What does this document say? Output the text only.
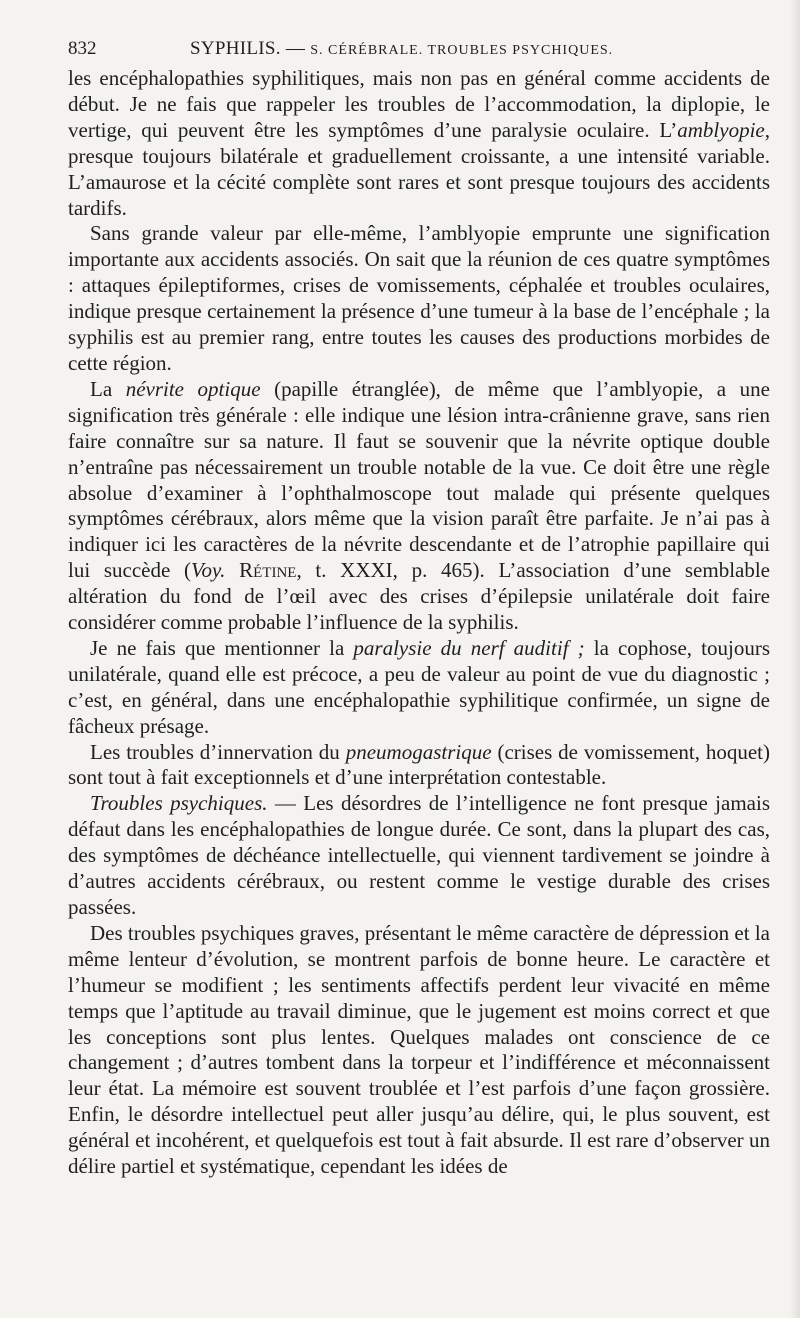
832	SYPHILIS. — S. CÉRÉBRALE. TROUBLES PSYCHIQUES.

les encéphalopathies syphilitiques, mais non pas en général comme accidents de début. Je ne fais que rappeler les troubles de l’accommodation, la diplopie, le vertige, qui peuvent être les symptômes d’une paralysie oculaire. L’amblyopie, presque toujours bilatérale et graduellement croissante, a une intensité variable. L’amaurose et la cécité complète sont rares et sont presque toujours des accidents tardifs.

Sans grande valeur par elle-même, l’amblyopie emprunte une signification importante aux accidents associés. On sait que la réunion de ces quatre symptômes : attaques épileptiformes, crises de vomissements, céphalée et troubles oculaires, indique presque certainement la présence d’une tumeur à la base de l’encéphale ; la syphilis est au premier rang, entre toutes les causes des productions morbides de cette région.

La névrite optique (papille étranglée), de même que l’amblyopie, a une signification très générale : elle indique une lésion intra-crânienne grave, sans rien faire connaître sur sa nature. Il faut se souvenir que la névrite optique double n’entraîne pas nécessairement un trouble notable de la vue. Ce doit être une règle absolue d’examiner à l’ophthalmoscope tout malade qui présente quelques symptômes cérébraux, alors même que la vision paraît être parfaite. Je n’ai pas à indiquer ici les caractères de la névrite descendante et de l’atrophie papillaire qui lui succède (Voy. Rétine, t. XXXI, p. 465). L’association d’une semblable altération du fond de l’œil avec des crises d’épilepsie unilatérale doit faire considérer comme probable l’influence de la syphilis.

Je ne fais que mentionner la paralysie du nerf auditif ; la cophose, toujours unilatérale, quand elle est précoce, a peu de valeur au point de vue du diagnostic ; c’est, en général, dans une encéphalopathie syphilitique confirmée, un signe de fâcheux présage.

Les troubles d’innervation du pneumogastrique (crises de vomissement, hoquet) sont tout à fait exceptionnels et d’une interprétation contestable.

Troubles psychiques. — Les désordres de l’intelligence ne font presque jamais défaut dans les encéphalopathies de longue durée. Ce sont, dans la plupart des cas, des symptômes de déchéance intellectuelle, qui viennent tardivement se joindre à d’autres accidents cérébraux, ou restent comme le vestige durable des crises passées.

Des troubles psychiques graves, présentant le même caractère de dépression et la même lenteur d’évolution, se montrent parfois de bonne heure. Le caractère et l’humeur se modifient ; les sentiments affectifs perdent leur vivacité en même temps que l’aptitude au travail diminue, que le jugement est moins correct et que les conceptions sont plus lentes. Quelques malades ont conscience de ce changement ; d’autres tombent dans la torpeur et l’indifférence et méconnaissent leur état. La mémoire est souvent troublée et l’est parfois d’une façon grossière. Enfin, le désordre intellectuel peut aller jusqu’au délire, qui, le plus souvent, est général et incohérent, et quelquefois est tout à fait absurde. Il est rare d’observer un délire partiel et systématique, cependant les idées de
